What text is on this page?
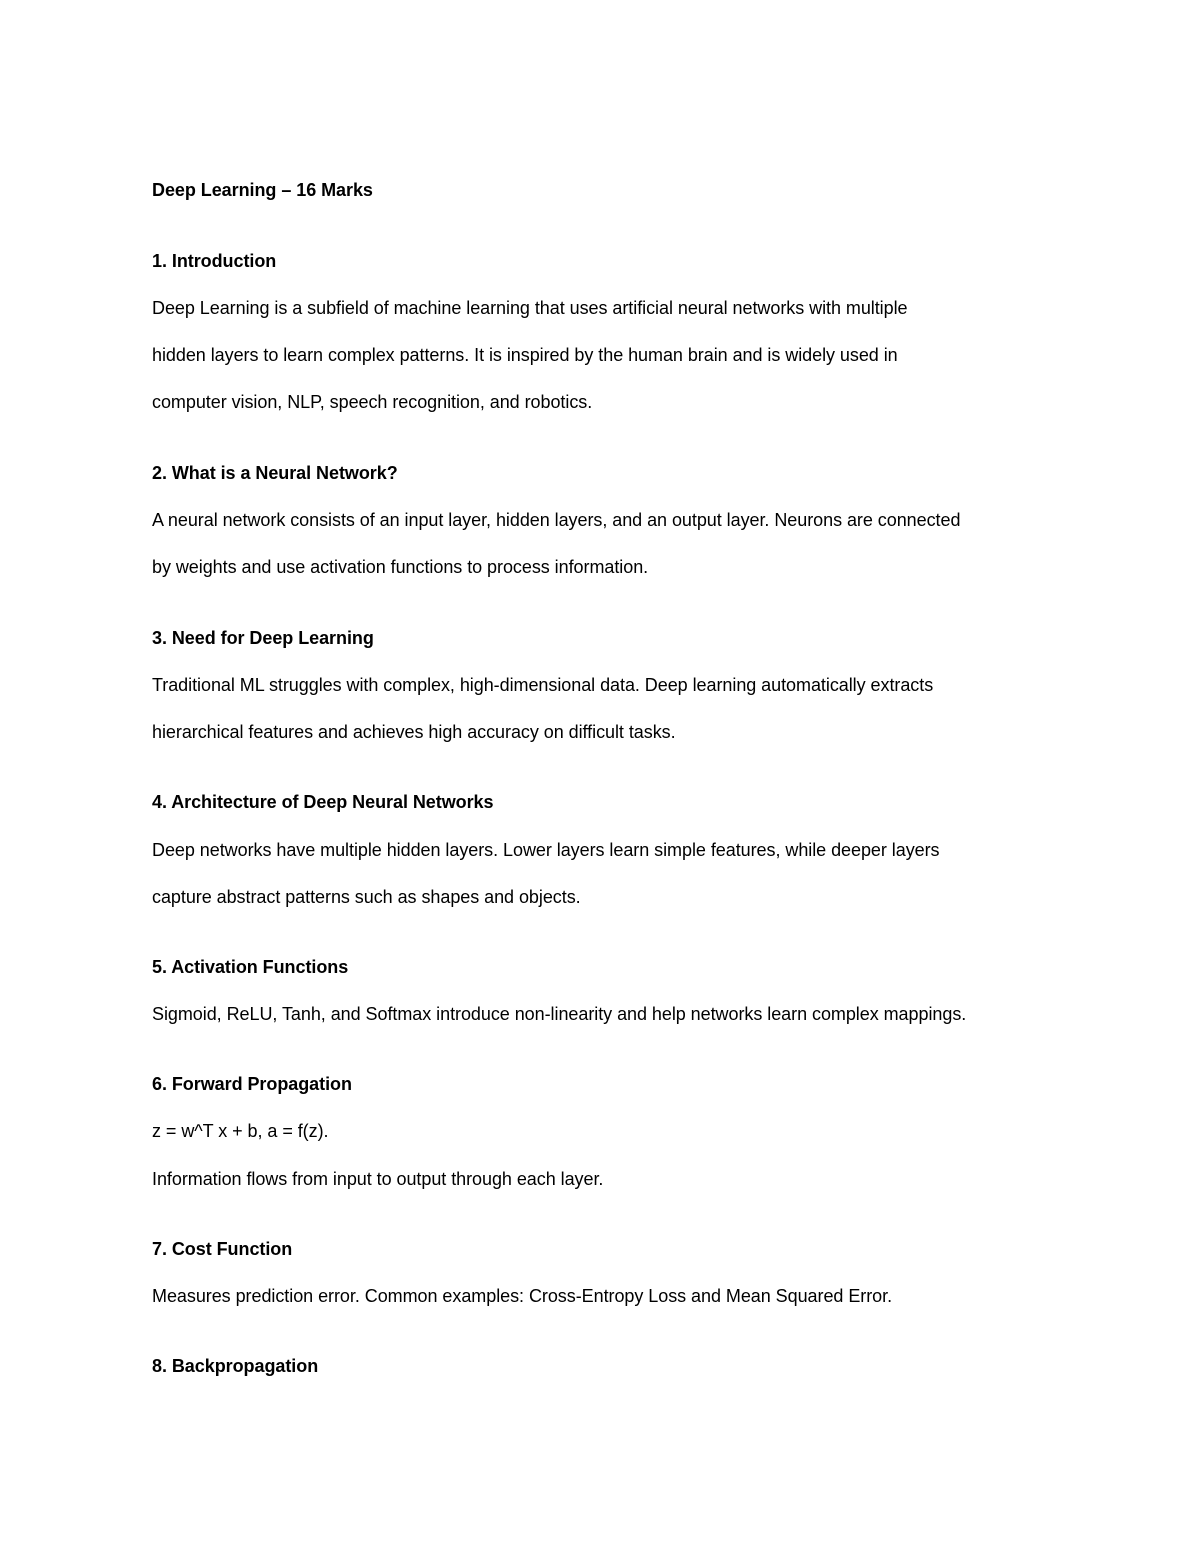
Deep Learning – 16 Marks
1. Introduction
Deep Learning is a subfield of machine learning that uses artificial neural networks with multiple
hidden layers to learn complex patterns. It is inspired by the human brain and is widely used in
computer vision, NLP, speech recognition, and robotics.
2. What is a Neural Network?
A neural network consists of an input layer, hidden layers, and an output layer. Neurons are connected
by weights and use activation functions to process information.
3. Need for Deep Learning
Traditional ML struggles with complex, high-dimensional data. Deep learning automatically extracts
hierarchical features and achieves high accuracy on difficult tasks.
4. Architecture of Deep Neural Networks
Deep networks have multiple hidden layers. Lower layers learn simple features, while deeper layers
capture abstract patterns such as shapes and objects.
5. Activation Functions
Sigmoid, ReLU, Tanh, and Softmax introduce non-linearity and help networks learn complex mappings.
6. Forward Propagation
z = w^T x + b, a = f(z).
Information flows from input to output through each layer.
7. Cost Function
Measures prediction error. Common examples: Cross-Entropy Loss and Mean Squared Error.
8. Backpropagation
